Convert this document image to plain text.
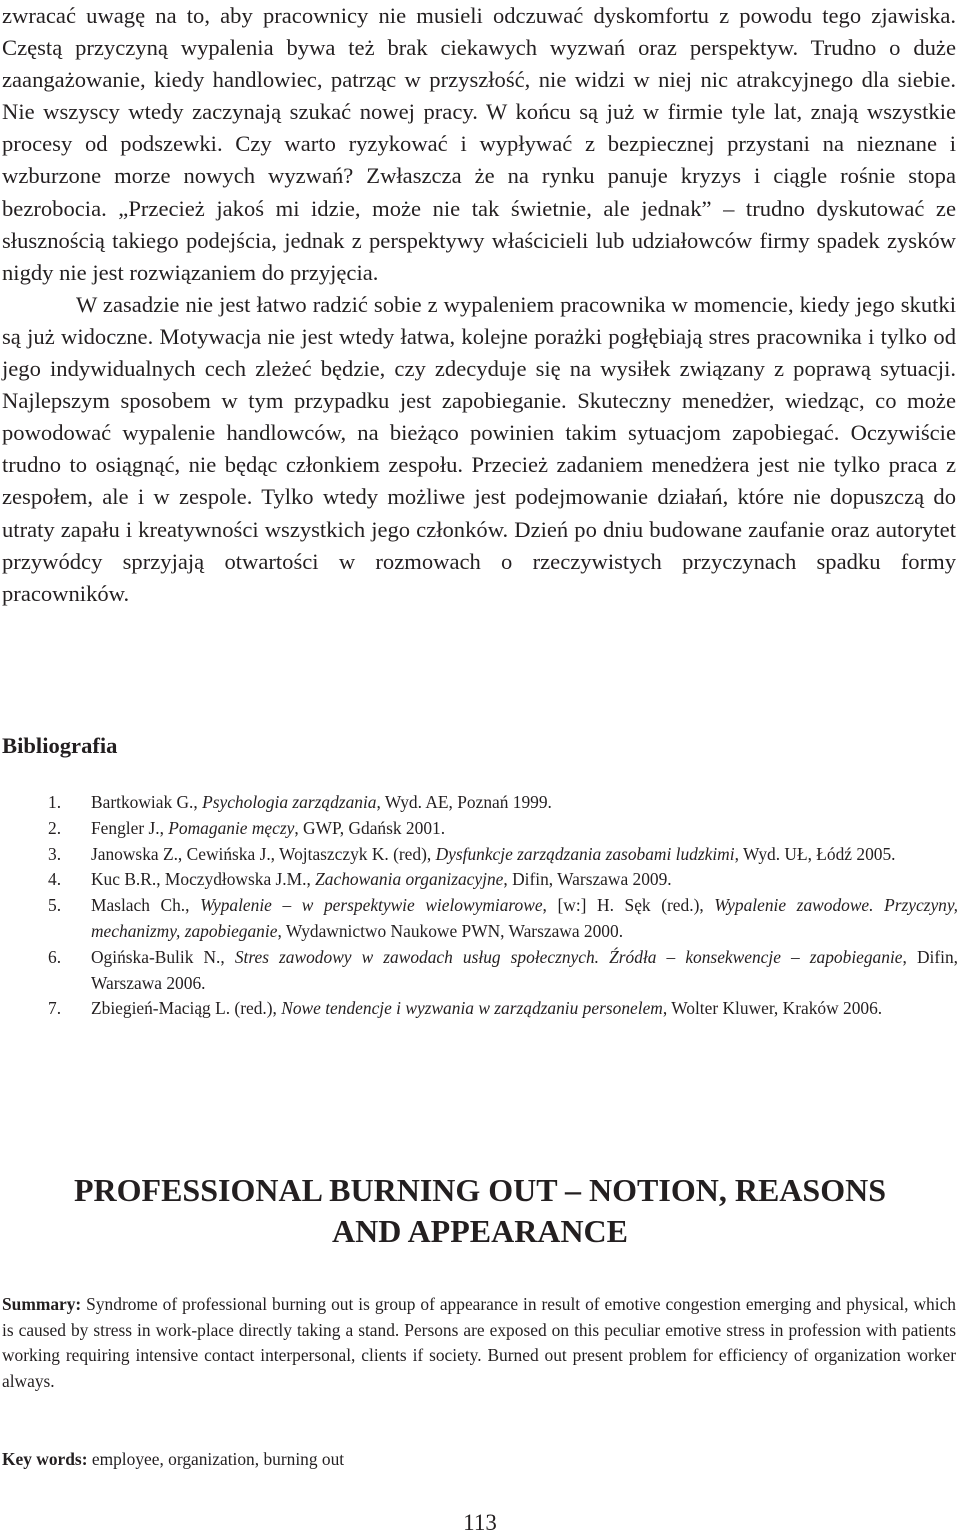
zwracać uwagę na to, aby pracownicy nie musieli odczuwać dyskomfortu z powodu tego zjawiska. Częstą przyczyną wypalenia bywa też brak ciekawych wyzwań oraz perspektyw. Trudno o duże zaangażowanie, kiedy handlowiec, patrząc w przyszłość, nie widzi w niej nic atrakcyjnego dla siebie. Nie wszyscy wtedy zaczynają szukać nowej pracy. W końcu są już w firmie tyle lat, znają wszystkie procesy od podszewki. Czy warto ryzykować i wypływać z bezpiecznej przystani na nieznane i wzburzone morze nowych wyzwań? Zwłaszcza że na rynku panuje kryzys i ciągle rośnie stopa bezrobocia. „Przecież jakoś mi idzie, może nie tak świetnie, ale jednak” – trudno dyskutować ze słusznością takiego podejścia, jednak z perspektywy właścicieli lub udziałowców firmy spadek zysków nigdy nie jest rozwiązaniem do przyjęcia.

W zasadzie nie jest łatwo radzić sobie z wypaleniem pracownika w momencie, kiedy jego skutki są już widoczne. Motywacja nie jest wtedy łatwa, kolejne porażki pogłębiają stres pracownika i tylko od jego indywidualnych cech zleżeć będzie, czy zdecyduje się na wysiłek związany z poprawą sytuacji. Najlepszym sposobem w tym przypadku jest zapobieganie. Skuteczny menedżer, wiedząc, co może powodować wypalenie handlowców, na bieżąco powinien takim sytuacjom zapobiegać. Oczywiście trudno to osiągnąć, nie będąc członkiem zespołu. Przecież zadaniem menedżera jest nie tylko praca z zespołem, ale i w zespole. Tylko wtedy możliwe jest podejmowanie działań, które nie dopuszczą do utraty zapału i kreatywności wszystkich jego członków. Dzień po dniu budowane zaufanie oraz autorytet przywódcy sprzyjają otwartości w rozmowach o rzeczywistych przyczynach spadku formy pracowników.

Bibliografia
1. Bartkowiak G., Psychologia zarządzania, Wyd. AE, Poznań 1999.
2. Fengler J., Pomaganie męczy, GWP, Gdańsk 2001.
3. Janowska Z., Cewińska J., Wojtaszczyk K. (red), Dysfunkcje zarządzania zasobami ludzkimi, Wyd. UŁ, Łódź 2005.
4. Kuc B.R., Moczydłowska J.M., Zachowania organizacyjne, Difin, Warszawa 2009.
5. Maslach Ch., Wypalenie – w perspektywie wielowymiarowe, [w:] H. Sęk (red.), Wypalenie zawodowe. Przyczyny, mechanizmy, zapobieganie, Wydawnictwo Naukowe PWN, Warszawa 2000.
6. Ogińska-Bulik N., Stres zawodowy w zawodach usług społecznych. Źródła – konsekwencje – zapobieganie, Difin, Warszawa 2006.
7. Zbiegień-Maciąg L. (red.), Nowe tendencje i wyzwania w zarządzaniu personelem, Wolter Kluwer, Kraków 2006.
PROFESSIONAL BURNING OUT – NOTION, REASONS
AND APPEARANCE

Summary: Syndrome of professional burning out is group of appearance in result of emotive congestion emerging and physical, which is caused by stress in work-place directly taking a stand. Persons are exposed on this peculiar emotive stress in profession with patients working requiring intensive contact interpersonal, clients if society. Burned out present problem for efficiency of organization worker always.

Key words: employee, organization, burning out

113
